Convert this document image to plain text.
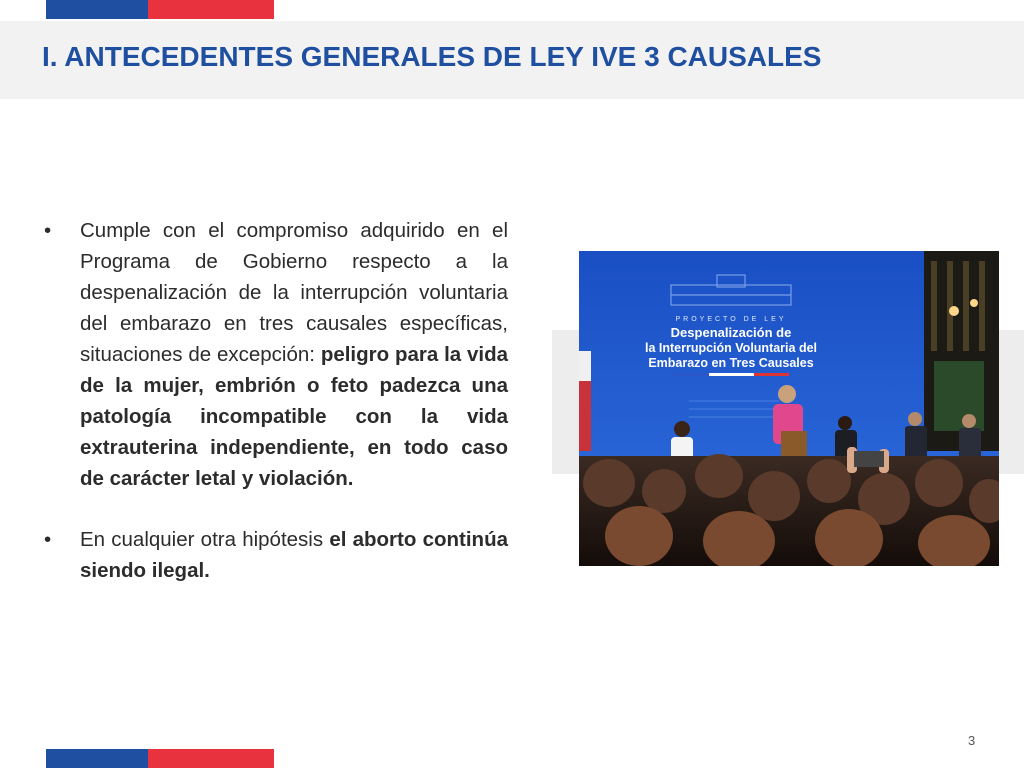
I. ANTECEDENTES GENERALES DE LEY IVE 3 CAUSALES
• Cumple con el compromiso adquirido en el Programa de Gobierno respecto a la despenalización de la interrupción voluntaria del embarazo en tres causales específicas, situaciones de excepción: peligro para la vida de la mujer, embrión o feto padezca una patología incompatible con la vida extrauterina independiente, en todo caso de carácter letal y violación.
• En cualquier otra hipótesis el aborto continúa siendo ilegal.
PROYECTO DE LEY
Despenalización de
la Interrupción Voluntaria del
Embarazo en Tres Causales
3
